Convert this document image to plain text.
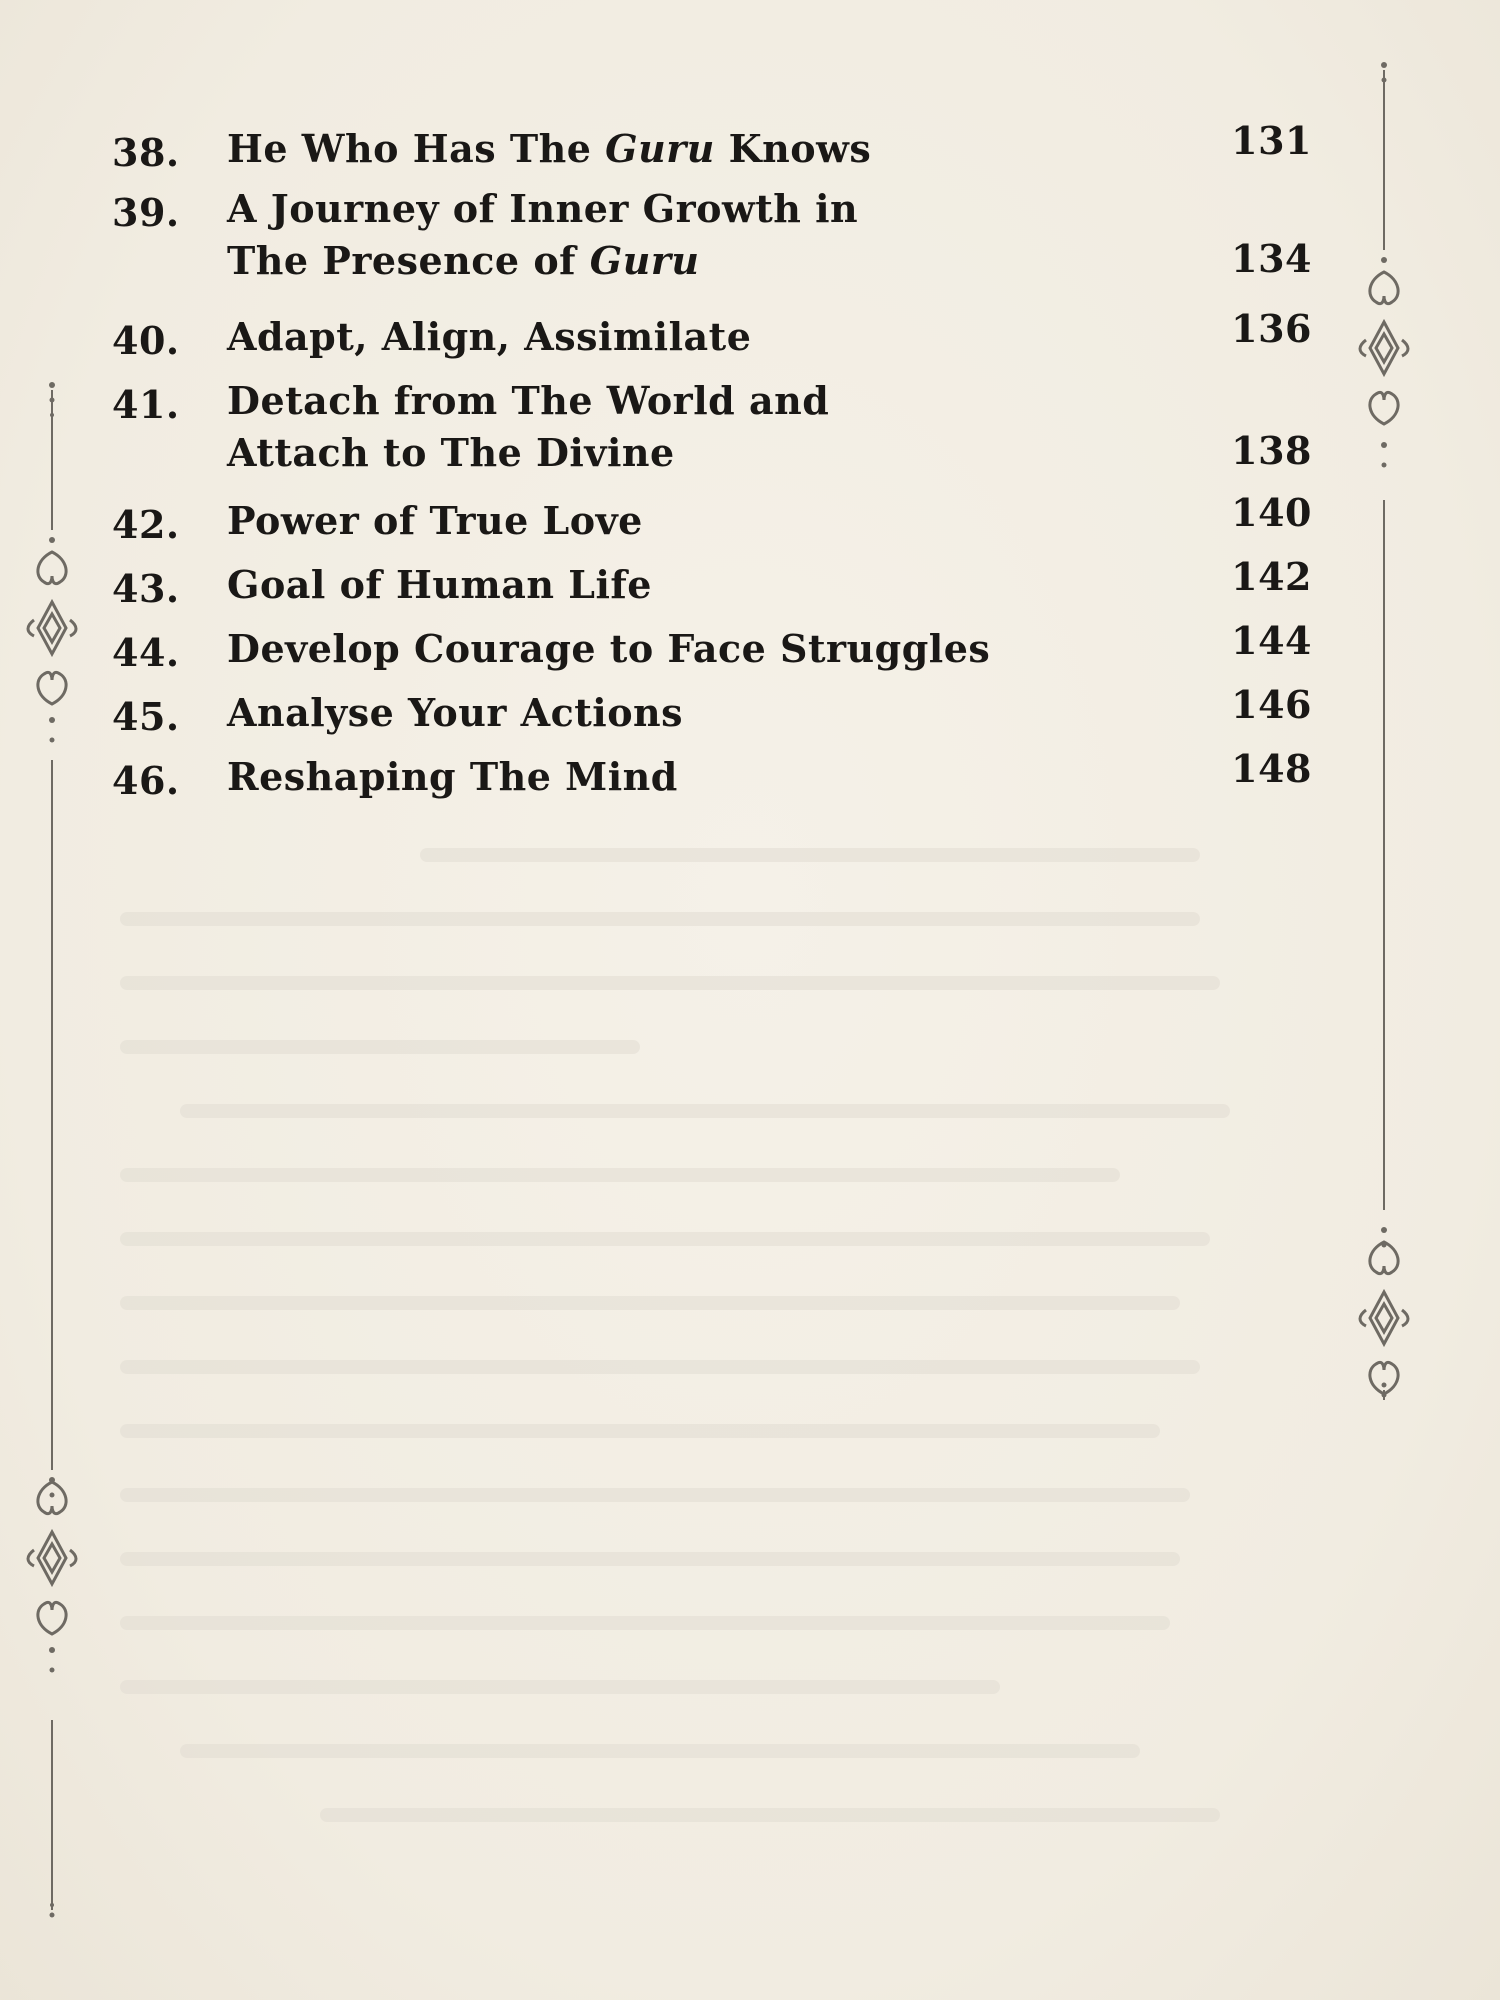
38. He Who Has The Guru Knows	131
39. A Journey of Inner Growth in
The Presence of Guru	134
40. Adapt, Align, Assimilate	136
41. Detach from The World and
Attach to The Divine	138
42. Power of True Love	140
43. Goal of Human Life	142
44. Develop Courage to Face Struggles	144
45. Analyse Your Actions	146
46. Reshaping The Mind	148
